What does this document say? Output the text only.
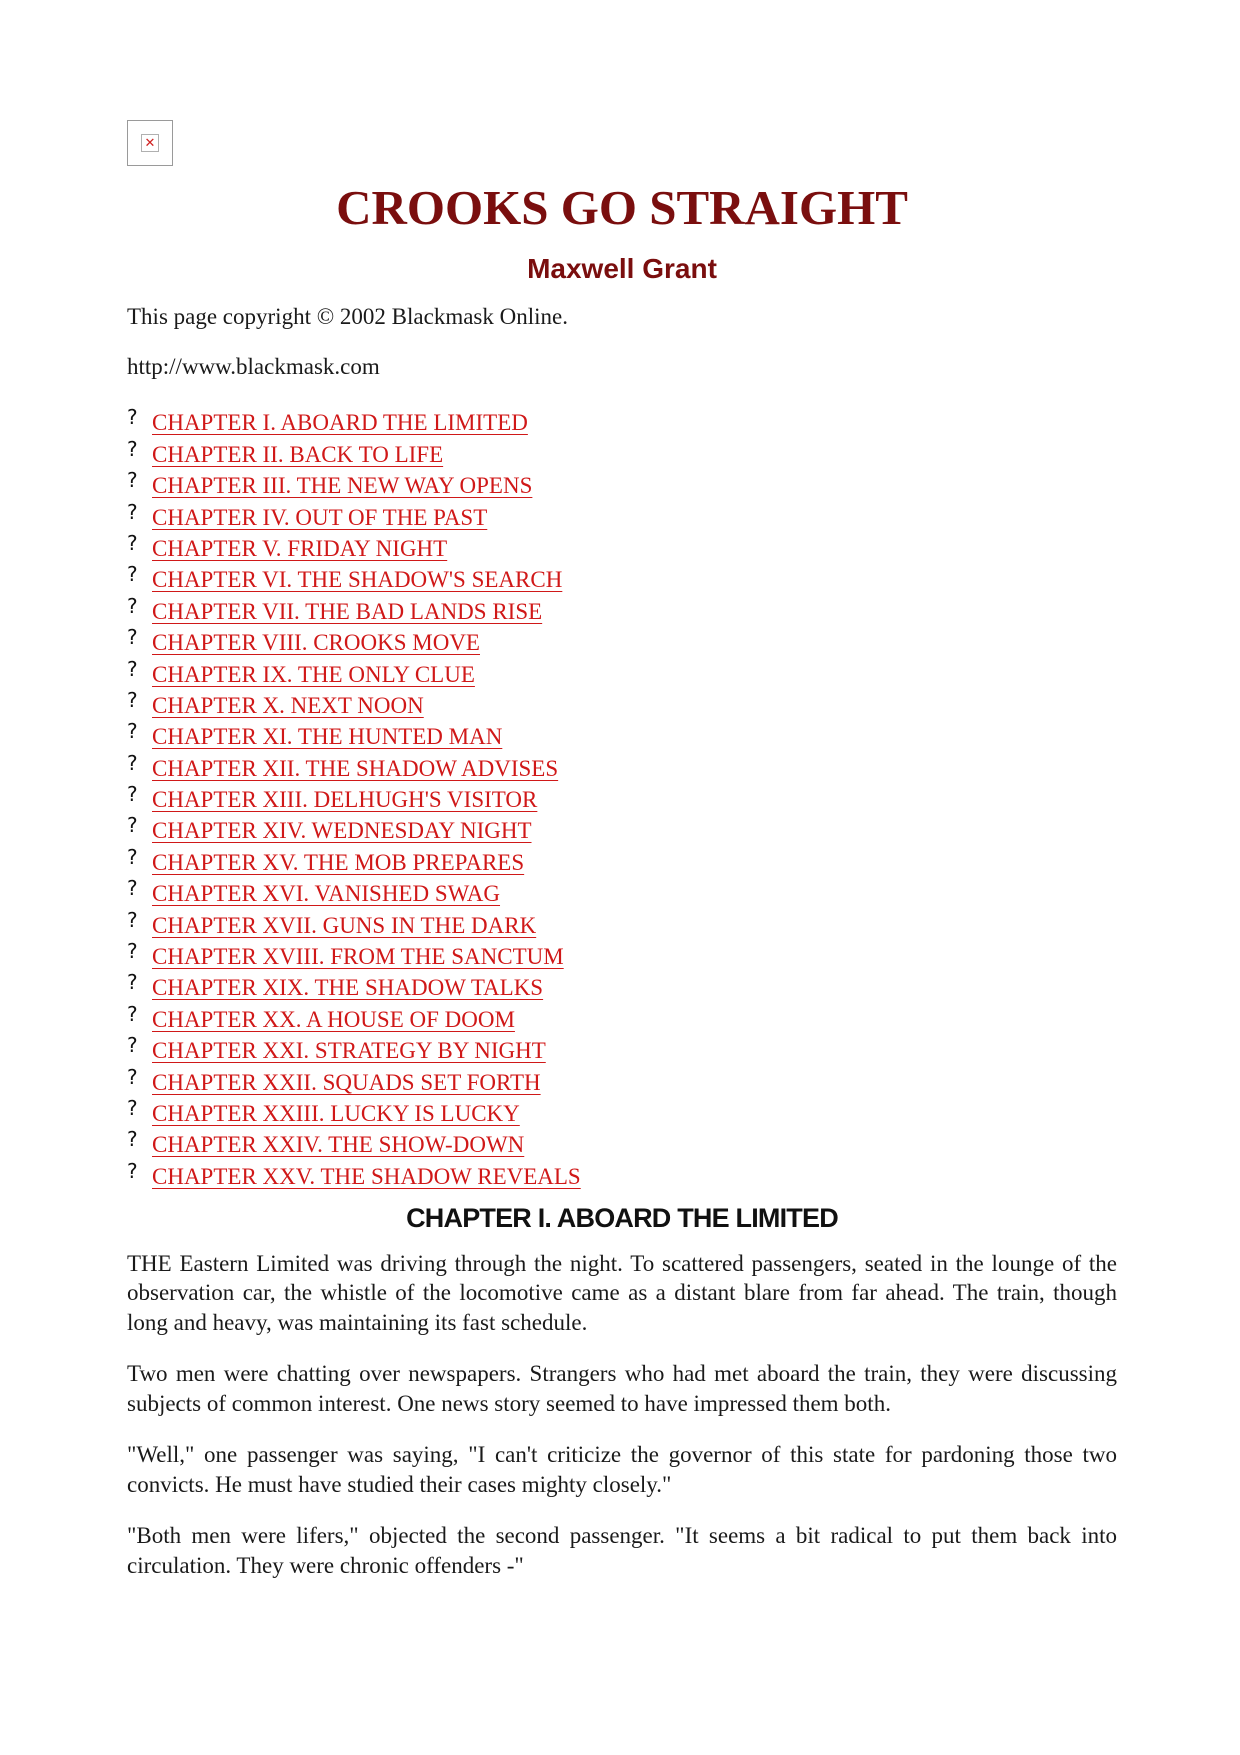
✕
CROOKS GO STRAIGHT
Maxwell Grant

This page copyright © 2002 Blackmask Online.

http://www.blackmask.com

? CHAPTER I. ABOARD THE LIMITED
? CHAPTER II. BACK TO LIFE
? CHAPTER III. THE NEW WAY OPENS
? CHAPTER IV. OUT OF THE PAST
? CHAPTER V. FRIDAY NIGHT
? CHAPTER VI. THE SHADOW'S SEARCH
? CHAPTER VII. THE BAD LANDS RISE
? CHAPTER VIII. CROOKS MOVE
? CHAPTER IX. THE ONLY CLUE
? CHAPTER X. NEXT NOON
? CHAPTER XI. THE HUNTED MAN
? CHAPTER XII. THE SHADOW ADVISES
? CHAPTER XIII. DELHUGH'S VISITOR
? CHAPTER XIV. WEDNESDAY NIGHT
? CHAPTER XV. THE MOB PREPARES
? CHAPTER XVI. VANISHED SWAG
? CHAPTER XVII. GUNS IN THE DARK
? CHAPTER XVIII. FROM THE SANCTUM
? CHAPTER XIX. THE SHADOW TALKS
? CHAPTER XX. A HOUSE OF DOOM
? CHAPTER XXI. STRATEGY BY NIGHT
? CHAPTER XXII. SQUADS SET FORTH
? CHAPTER XXIII. LUCKY IS LUCKY
? CHAPTER XXIV. THE SHOW-DOWN
? CHAPTER XXV. THE SHADOW REVEALS
CHAPTER I. ABOARD THE LIMITED

THE Eastern Limited was driving through the night. To scattered passengers, seated in the lounge of the observation car, the whistle of the locomotive came as a distant blare from far ahead. The train, though long and heavy, was maintaining its fast schedule.

Two men were chatting over newspapers. Strangers who had met aboard the train, they were discussing subjects of common interest. One news story seemed to have impressed them both.

"Well," one passenger was saying, "I can't criticize the governor of this state for pardoning those two convicts. He must have studied their cases mighty closely."

"Both men were lifers," objected the second passenger. "It seems a bit radical to put them back into circulation. They were chronic offenders -"
